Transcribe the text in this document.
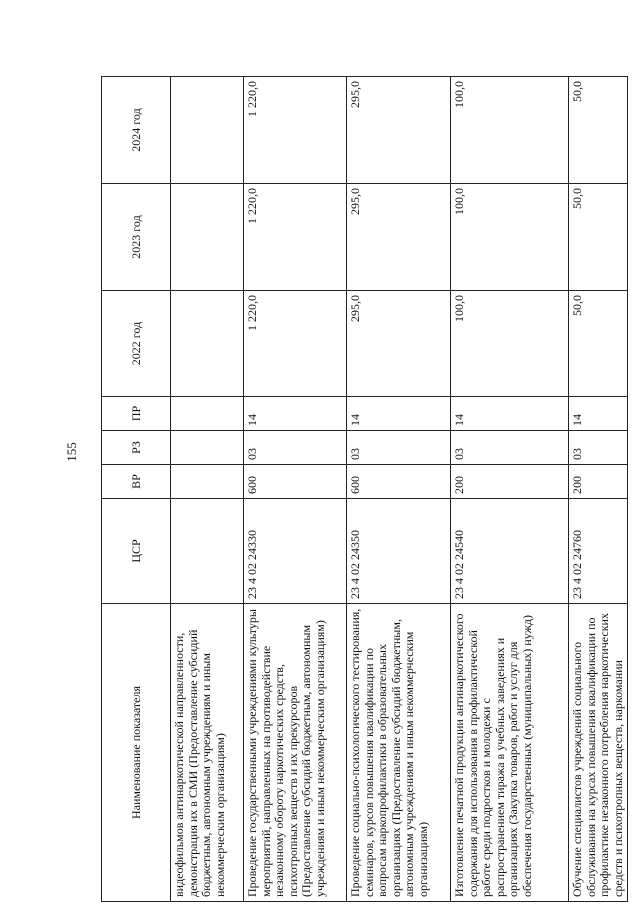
155
Наименование показателя	ЦСР	ВР	РЗ	ПР	2022 год	2023 год	2024 год
видеофильмов антинаркотической направленности, демонстрация их в СМИ (Предоставление субсидий бюджетным, автономным учреждениям и иным некоммерческим организациям)							
Проведение государственными учреждениями культуры мероприятий, направленных на противодействие незаконному обороту наркотических средств, психотропных веществ и их прекурсоров (Предоставление субсидий бюджетным, автономным учреждениям и иным некоммерческим организациям)	23 4 02 24330	600	03	14	1 220,0	1 220,0	1 220,0
Проведение социально-психологического тестирования, семинаров, курсов повышения квалификации по вопросам наркопрофилактики в образовательных организациях (Предоставление субсидий бюджетным, автономным учреждениям и иным некоммерческим организациям)	23 4 02 24350	600	03	14	295,0	295,0	295,0
Изготовление печатной продукции антинаркотического содержания для использования в профилактической работе среди подростков и молодежи с распространением тиража в учебных заведениях и организациях (Закупка товаров, работ и услуг для обеспечения государственных (муниципальных) нужд)	23 4 02 24540	200	03	14	100,0	100,0	100,0
Обучение специалистов учреждений социального обслуживания на курсах повышения квалификации по профилактике незаконного потребления наркотических средств и психотропных веществ, наркомании	23 4 02 24760	200	03	14	50,0	50,0	50,0
